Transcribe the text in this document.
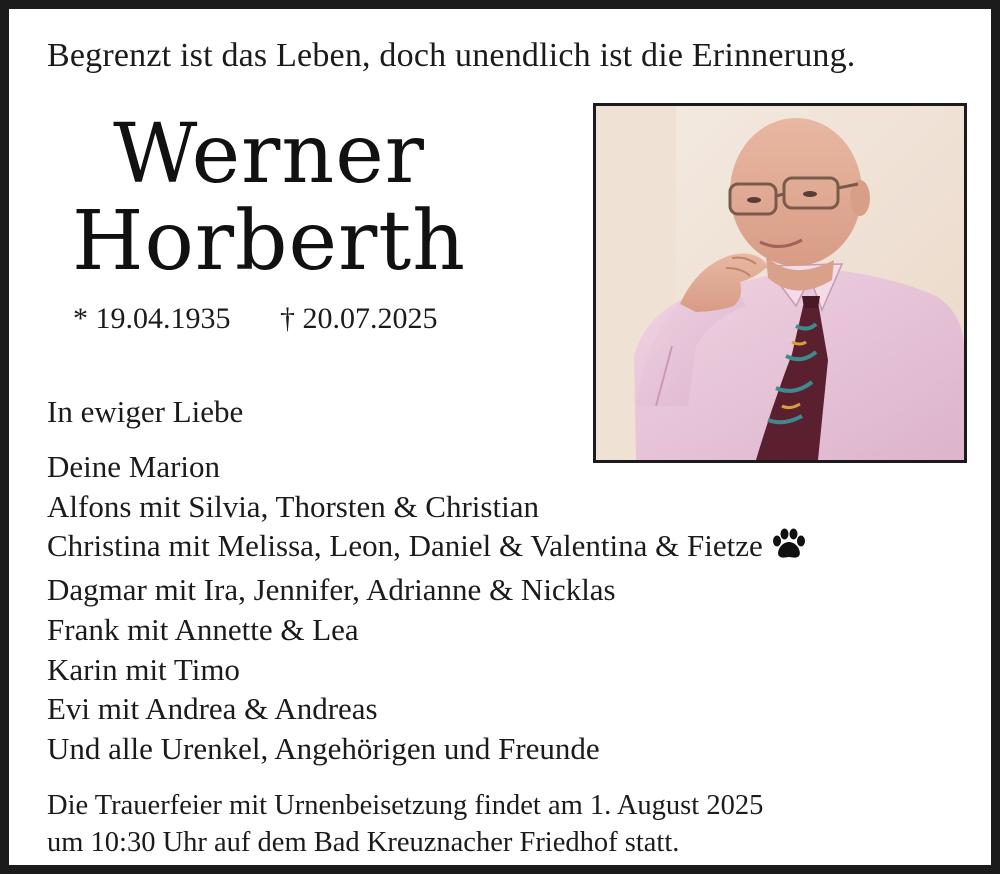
Begrenzt ist das Leben, doch unendlich ist die Erinnerung.
Werner
Horberth
* 19.04.1935 † 20.07.2025
In ewiger Liebe
Deine Marion
Alfons mit Silvia, Thorsten & Christian
Christina mit Melissa, Leon, Daniel & Valentina & Fietze
Dagmar mit Ira, Jennifer, Adrianne & Nicklas
Frank mit Annette & Lea
Karin mit Timo
Evi mit Andrea & Andreas
Und alle Urenkel, Angehörigen und Freunde
Die Trauerfeier mit Urnenbeisetzung findet am 1. August 2025
um 10:30 Uhr auf dem Bad Kreuznacher Friedhof statt.
